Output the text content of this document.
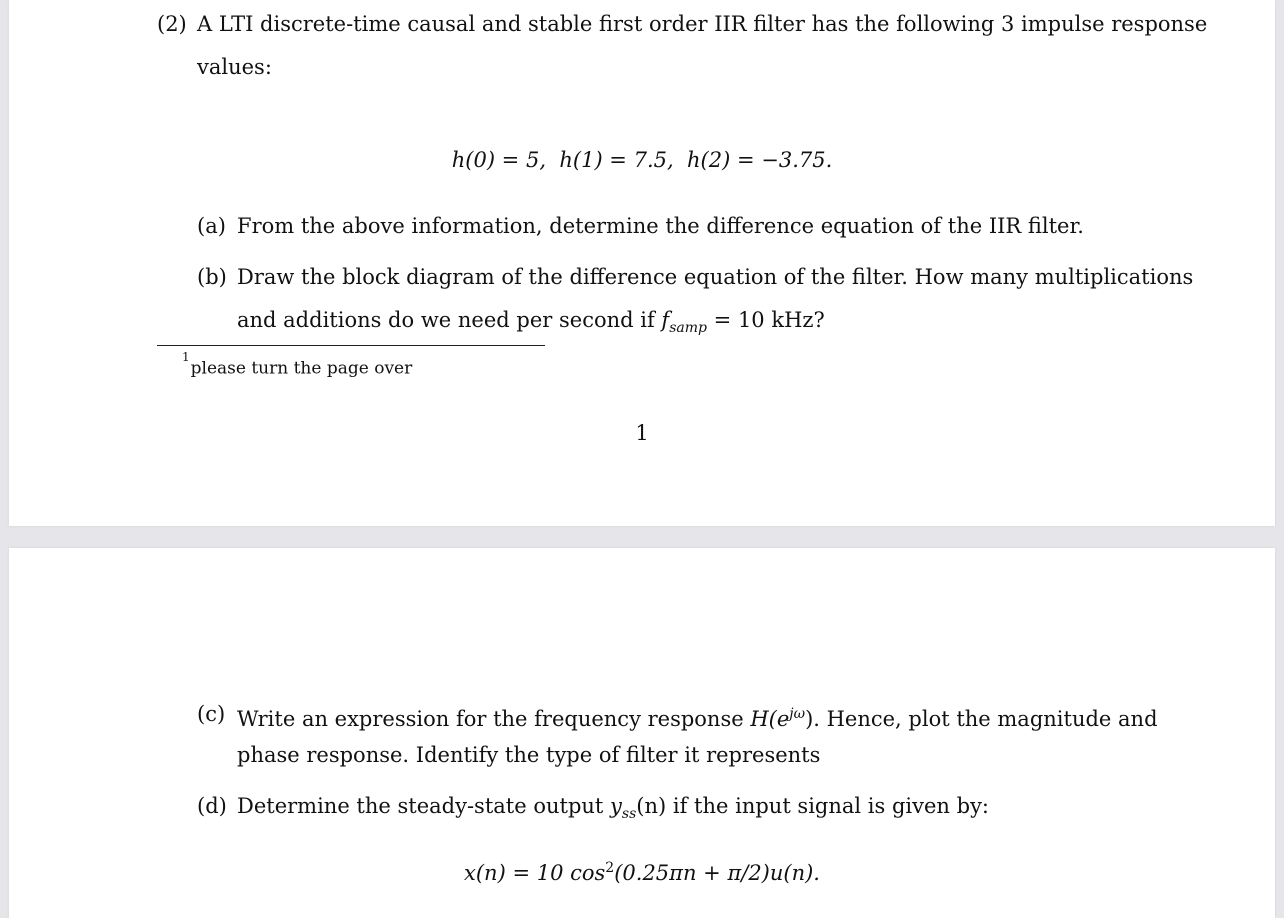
(2) A LTI discrete-time causal and stable first order IIR filter has the following 3 impulse response
values:
h(0) = 5, h(1) = 7.5, h(2) = −3.75.
(a) From the above information, determine the difference equation of the IIR filter.
(b) Draw the block diagram of the difference equation of the filter. How many multiplications
and additions do we need per second if $f_{samp} = 10$ kHz?
$^1$please turn the page over
1
(c) Write an expression for the frequency response $H(e^{j\omega})$. Hence, plot the magnitude and
phase response. Identify the type of filter it represents
(d) Determine the steady-state output $y_{ss}(n)$ if the input signal is given by:
x(n) = 10 $\cos^2(0.25\pi n + \pi/2)u(n)$.
